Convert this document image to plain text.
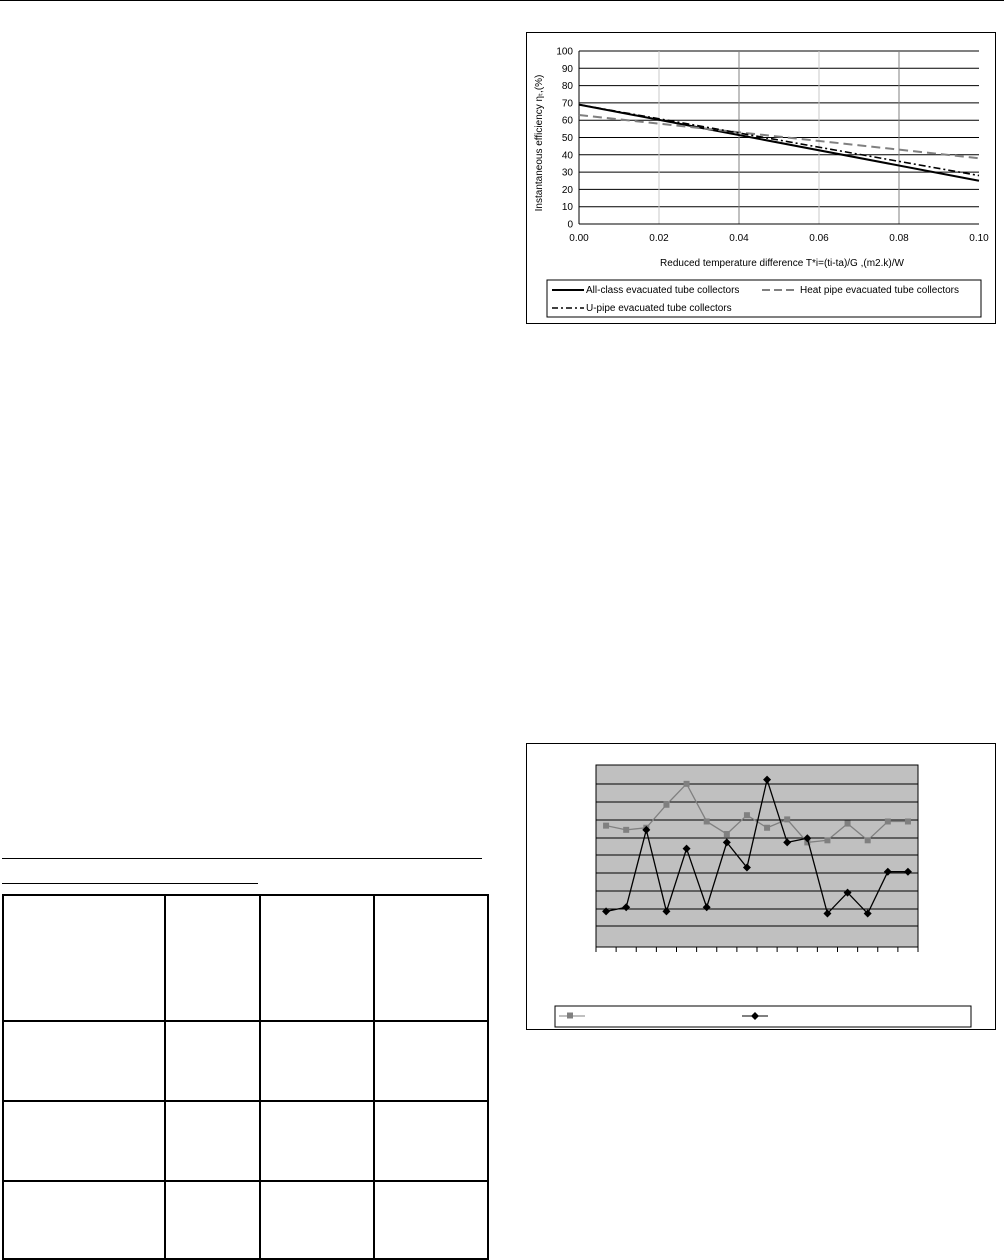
0
10
20
30
40
50
60
70
80
90
100
0.00	0.02	0.04	0.06	0.08	0.10
Instantaneous efficiency ηₜ,(%)
Reduced temperature difference T*i=(ti-ta)/G ,(m2.k)/W
All-class evacuated tube collectors	Heat pipe evacuated tube collectors
U-pipe evacuated tube collectors
